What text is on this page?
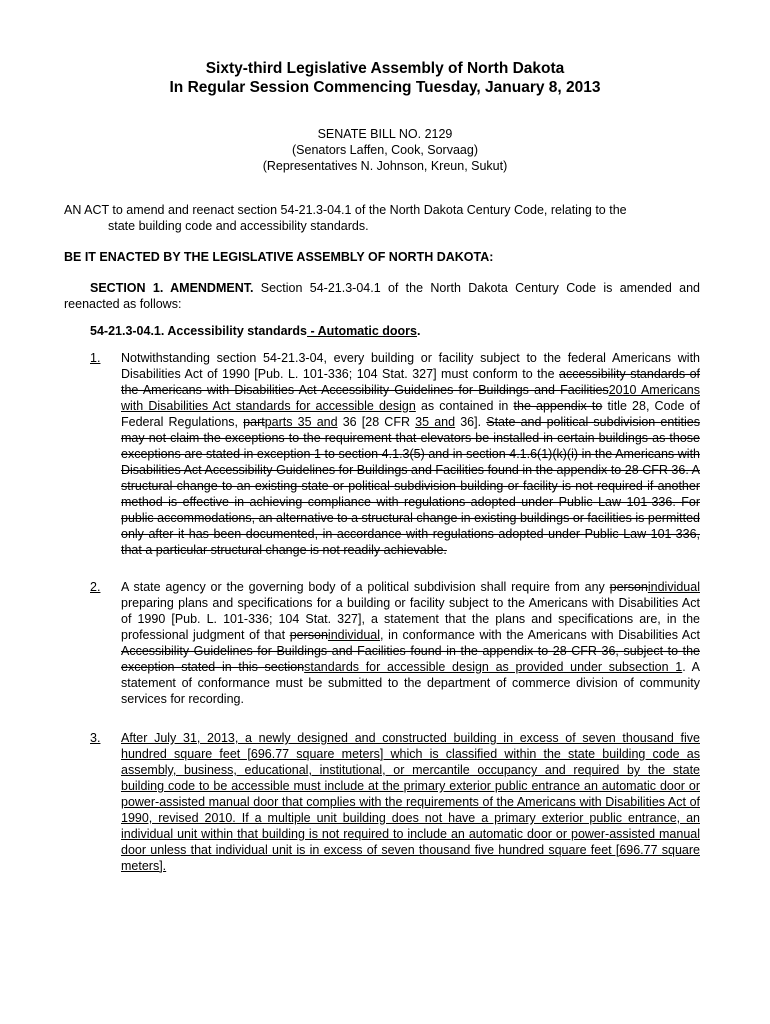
Sixty-third Legislative Assembly of North Dakota
In Regular Session Commencing Tuesday, January 8, 2013
SENATE BILL NO. 2129
(Senators Laffen, Cook, Sorvaag)
(Representatives N. Johnson, Kreun, Sukut)
AN ACT to amend and reenact section 54-21.3-04.1 of the North Dakota Century Code, relating to the
state building code and accessibility standards.
BE IT ENACTED BY THE LEGISLATIVE ASSEMBLY OF NORTH DAKOTA:
SECTION 1. AMENDMENT. Section 54-21.3-04.1 of the North Dakota Century Code is amended and reenacted as follows:
54-21.3-04.1. Accessibility standards - Automatic doors.
1. Notwithstanding section 54-21.3-04, every building or facility subject to the federal Americans with Disabilities Act of 1990 [Pub. L. 101-336; 104 Stat. 327] must conform to the accessibility standards of the Americans with Disabilities Act Accessibility Guidelines for Buildings and Facilities2010 Americans with Disabilities Act standards for accessible design as contained in the appendix to title 28, Code of Federal Regulations, partparts 35 and 36 [28 CFR 35 and 36]. State and political subdivision entities may not claim the exceptions to the requirement that elevators be installed in certain buildings as those exceptions are stated in exception 1 to section 4.1.3(5) and in section 4.1.6(1)(k)(i) in the Americans with Disabilities Act Accessibility Guidelines for Buildings and Facilities found in the appendix to 28 CFR 36. A structural change to an existing state or political subdivision building or facility is not required if another method is effective in achieving compliance with regulations adopted under Public Law 101-336. For public accommodations, an alternative to a structural change in existing buildings or facilities is permitted only after it has been documented, in accordance with regulations adopted under Public Law 101-336, that a particular structural change is not readily achievable.
2. A state agency or the governing body of a political subdivision shall require from any personindividual preparing plans and specifications for a building or facility subject to the Americans with Disabilities Act of 1990 [Pub. L. 101-336; 104 Stat. 327], a statement that the plans and specifications are, in the professional judgment of that personindividual, in conformance with the Americans with Disabilities Act Accessibility Guidelines for Buildings and Facilities found in the appendix to 28 CFR 36, subject to the exception stated in this sectionstandards for accessible design as provided under subsection 1. A statement of conformance must be submitted to the department of commerce division of community services for recording.
3. After July 31, 2013, a newly designed and constructed building in excess of seven thousand five hundred square feet [696.77 square meters] which is classified within the state building code as assembly, business, educational, institutional, or mercantile occupancy and required by the state building code to be accessible must include at the primary exterior public entrance an automatic door or power-assisted manual door that complies with the requirements of the Americans with Disabilities Act of 1990, revised 2010. If a multiple unit building does not have a primary exterior public entrance, an individual unit within that building is not required to include an automatic door or power-assisted manual door unless that individual unit is in excess of seven thousand five hundred square feet [696.77 square meters].
